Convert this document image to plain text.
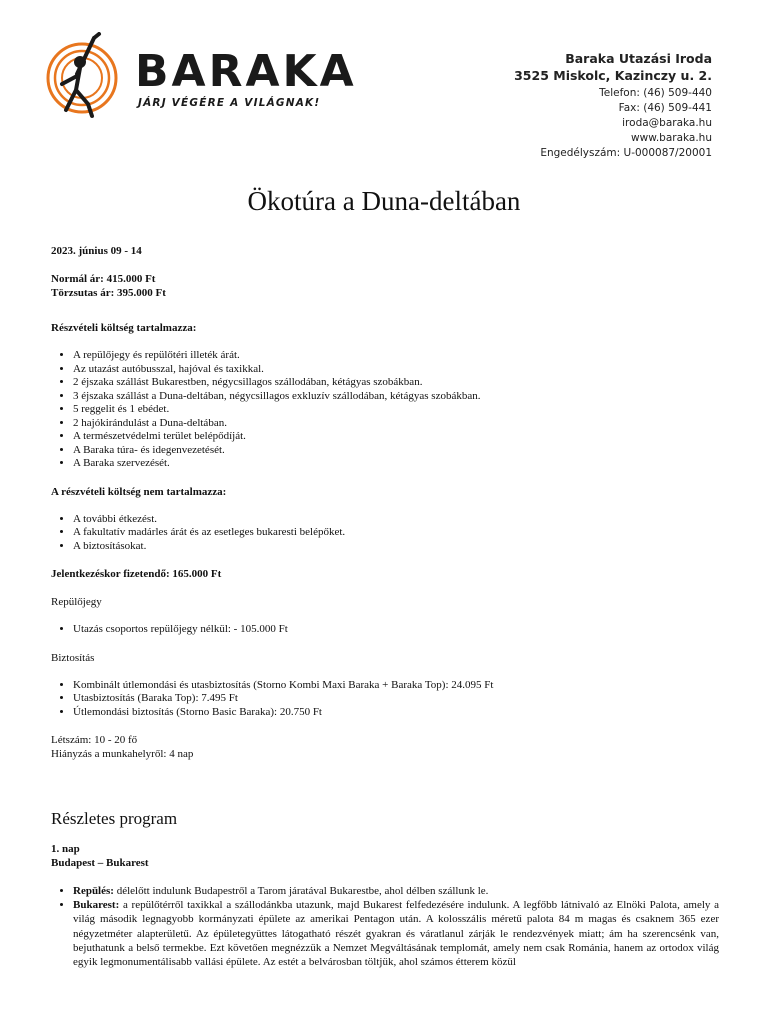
BARAKA
JÁRJ VÉGÉRE A VILÁGNAK!
Baraka Utazási Iroda
3525 Miskolc, Kazinczy u. 2.
Telefon: (46) 509-440
Fax: (46) 509-441
iroda@baraka.hu
www.baraka.hu
Engedélyszám: U-000087/20001
Ökotúra a Duna-deltában

2023. június 09 - 14

Normál ár: 415.000 Ft

Törzsutas ár: 395.000 Ft

Részvételi költség tartalmazza:

• A repülőjegy és repülőtéri illeték árát.
• Az utazást autóbusszal, hajóval és taxikkal.
• 2 éjszaka szállást Bukarestben, négycsillagos szállodában, kétágyas szobákban.
• 3 éjszaka szállást a Duna-deltában, négycsillagos exkluzív szállodában, kétágyas szobákban.
• 5 reggelit és 1 ebédet.
• 2 hajókirándulást a Duna-deltában.
• A természetvédelmi terület belépődíját.
• A Baraka túra- és idegenvezetését.
• A Baraka szervezését.

A részvételi költség nem tartalmazza:

• A további étkezést.
• A fakultatív madárles árát és az esetleges bukaresti belépőket.
• A biztosításokat.

Jelentkezéskor fizetendő: 165.000 Ft

Repülőjegy

• Utazás csoportos repülőjegy nélkül: - 105.000 Ft

Biztosítás

• Kombinált útlemondási és utasbiztosítás (Storno Kombi Maxi Baraka + Baraka Top): 24.095 Ft
• Utasbiztosítás (Baraka Top): 7.495 Ft
• Útlemondási biztosítás (Storno Basic Baraka): 20.750 Ft

Létszám: 10 - 20 fő

Hiányzás a munkahelyről: 4 nap

Részletes program

1. nap

Budapest – Bukarest

• Repülés: délelőtt indulunk Budapestről a Tarom járatával Bukarestbe, ahol délben szállunk le.
• Bukarest: a repülőtérről taxikkal a szállodánkba utazunk, majd Bukarest felfedezésére indulunk. A legfőbb látnivaló az Elnöki Palota, amely a világ második legnagyobb kormányzati épülete az amerikai Pentagon után. A kolosszális méretű palota 84 m magas és csaknem 365 ezer négyzetméter alapterületű. Az épületegyüttes látogatható részét gyakran és váratlanul zárják le rendezvények miatt; ám ha szerencsénk van, bejuthatunk a belső termekbe. Ezt követően megnézzük a Nemzet Megváltásának templomát, amely nem csak Románia, hanem az ortodox világ egyik legmonumentálisabb vallási épülete. Az estét a belvárosban töltjük, ahol számos étterem közül
